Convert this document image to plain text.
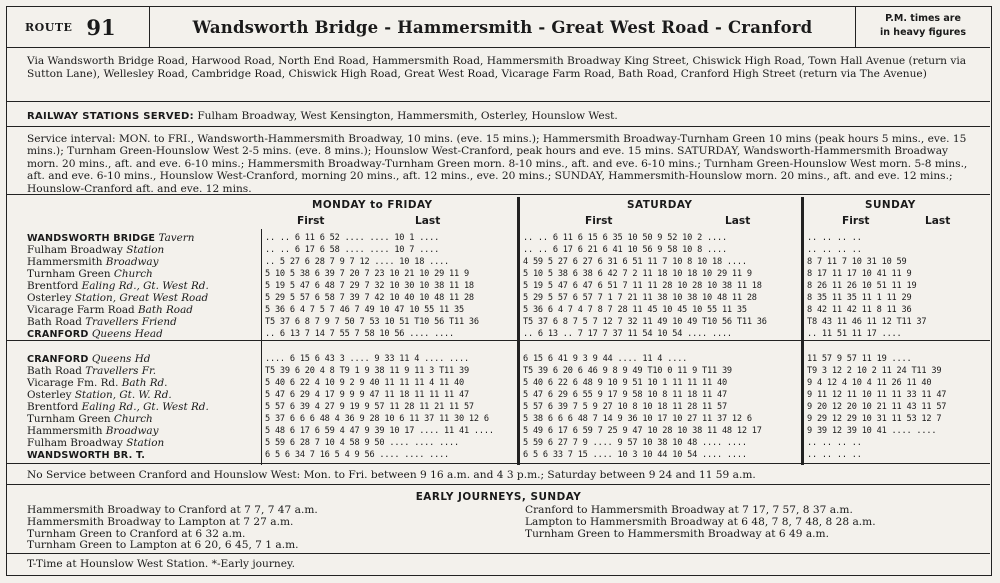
ROUTE 91	Wandsworth Bridge - Hammersmith - Great West Road - Cranford	P.M. times are
in heavy figures
Via Wandsworth Bridge Road, Harwood Road, North End Road, Hammersmith Road, Hammersmith Broadway King Street, Chiswick High Road, Town Hall Avenue (return via Sutton Lane), Wellesley Road, Cambridge Road, Chiswick High Road, Great West Road, Vicarage Farm Road, Bath Road, Cranford High Street (return via The Avenue)
RAILWAY STATIONS SERVED: Fulham Broadway, West Kensington, Hammersmith, Osterley, Hounslow West.
Service interval: MON. to FRI., Wandsworth-Hammersmith Broadway, 10 mins. (eve. 15 mins.); Hammersmith Broadway-Turnham Green 10 mins (peak hours 5 mins., eve. 15 mins.); Turnham Green-Hounslow West 2-5 mins. (eve. 8 mins.); Hounslow West-Cranford, peak hours and eve. 15 mins. SATURDAY, Wandsworth-Hammersmith Broadway morn. 20 mins., aft. and eve. 6-10 mins.; Hammersmith Broadway-Turnham Green morn. 8-10 mins., aft. and eve. 6-10 mins.; Turnham Green-Hounslow West morn. 5-8 mins., aft. and eve. 6-10 mins., Hounslow West-Cranford, morning 20 mins., aft. 12 mins., eve. 20 mins.; SUNDAY, Hammersmith-Hounslow morn. 20 mins., aft. and eve. 12 mins.; Hounslow-Cranford aft. and eve. 12 mins.
MONDAY to FRIDAY	SATURDAY	SUNDAY
First	Last	First	Last	First	Last
WANDSWORTH BRIDGE Tavern	.. .. 6 11 6 52 .... .... 10 1 ....	.. .. 6 11 6 15 6 35 10 50 9 52 10 2 ....	.. .. .. ..
Fulham Broadway Station	.. .. 6 17 6 58 .... .... 10 7 ....	.. .. 6 17 6 21 6 41 10 56 9 58 10 8 ....	.. .. .. ..
Hammersmith Broadway	.. 5 27 6 28 7 9 7 12 .... 10 18 ....	4 59 5 27 6 27 6 31 6 51 11 7 10 8 10 18 ....	8 7 11 7 10 31 10 59
Turnham Green Church	5 10 5 38 6 39 7 20 7 23 10 21 10 29 11 9	5 10 5 38 6 38 6 42 7 2 11 18 10 18 10 29 11 9	8 17 11 17 10 41 11 9
Brentford Ealing Rd., Gt. West Rd.	5 19 5 47 6 48 7 29 7 32 10 30 10 38 11 18	5 19 5 47 6 47 6 51 7 11 11 28 10 28 10 38 11 18	8 26 11 26 10 51 11 19
Osterley Station, Great West Road	5 29 5 57 6 58 7 39 7 42 10 40 10 48 11 28	5 29 5 57 6 57 7 1 7 21 11 38 10 38 10 48 11 28	8 35 11 35 11 1 11 29
Vicarage Farm Road Bath Road	5 36 6 4 7 5 7 46 7 49 10 47 10 55 11 35	5 36 6 4 7 4 7 8 7 28 11 45 10 45 10 55 11 35	8 42 11 42 11 8 11 36
Bath Road Travellers Friend	T5 37 6 8 7 9 7 50 7 53 10 51 T10 56 T11 36	T5 37 6 8 7 5 7 12 7 32 11 49 10 49 T10 56 T11 36	T8 43 11 46 11 12 T11 37
CRANFORD Queens Head	.. 6 13 7 14 7 55 7 58 10 56 .... ....	.. 6 13 .. 7 17 7 37 11 54 10 54 .... ....	.. 11 51 11 17 ....
CRANFORD Queens Hd	.... 6 15 6 43 3 .... 9 33 11 4 .... ....	6 15 6 41 9 3 9 44 .... 11 4 ....	11 57 9 57 11 19 ....
Bath Road Travellers Fr.	T5 39 6 20 4 8 T9 1 9 38 11 9 11 3 T11 39	T5 39 6 20 6 46 9 8 9 49 T10 0 11 9 T11 39	T9 3 12 2 10 2 11 24 T11 39
Vicarage Fm. Rd. Bath Rd.	5 40 6 22 4 10 9 2 9 40 11 11 11 4 11 40	5 40 6 22 6 48 9 10 9 51 10 1 11 11 11 40	9 4 12 4 10 4 11 26 11 40
Osterley Station, Gt. W. Rd.	5 47 6 29 4 17 9 9 9 47 11 18 11 11 11 47	5 47 6 29 6 55 9 17 9 58 10 8 11 18 11 47	9 11 12 11 10 11 11 33 11 47
Brentford Ealing Rd., Gt. West Rd.	5 57 6 39 4 27 9 19 9 57 11 28 11 21 11 57	5 57 6 39 7 5 9 27 10 8 10 18 11 28 11 57	9 20 12 20 10 21 11 43 11 57
Turnham Green Church	5 37 6 6 6 48 4 36 9 28 10 6 11 37 11 30 12 6	5 38 6 6 6 48 7 14 9 36 10 17 10 27 11 37 12 6	9 29 12 29 10 31 11 53 12 7
Hammersmith Broadway	5 48 6 17 6 59 4 47 9 39 10 17 .... 11 41 ....	5 49 6 17 6 59 7 25 9 47 10 28 10 38 11 48 12 17	9 39 12 39 10 41 .... ....
Fulham Broadway Station	5 59 6 28 7 10 4 58 9 50 .... .... ....	5 59 6 27 7 9 .... 9 57 10 38 10 48 .... ....	.. .. .. ..
WANDSWORTH BR. T.	6 5 6 34 7 16 5 4 9 56 .... .... ....	6 5 6 33 7 15 .... 10 3 10 44 10 54 .... ....	.. .. .. ..
No Service between Cranford and Hounslow West: Mon. to Fri. between 9 16 a.m. and 4 3 p.m.; Saturday between 9 24 and 11 59 a.m.
EARLY JOURNEYS, SUNDAY
Hammersmith Broadway to Cranford at 7 7, 7 47 a.m.
Hammersmith Broadway to Lampton at 7 27 a.m.
Turnham Green to Cranford at 6 32 a.m.
Turnham Green to Lampton at 6 20, 6 45, 7 1 a.m.
Cranford to Hammersmith Broadway at 7 17, 7 57, 8 37 a.m.
Lampton to Hammersmith Broadway at 6 48, 7 8, 7 48, 8 28 a.m.
Turnham Green to Hammersmith Broadway at 6 49 a.m.
T-Time at Hounslow West Station. *-Early journey.
